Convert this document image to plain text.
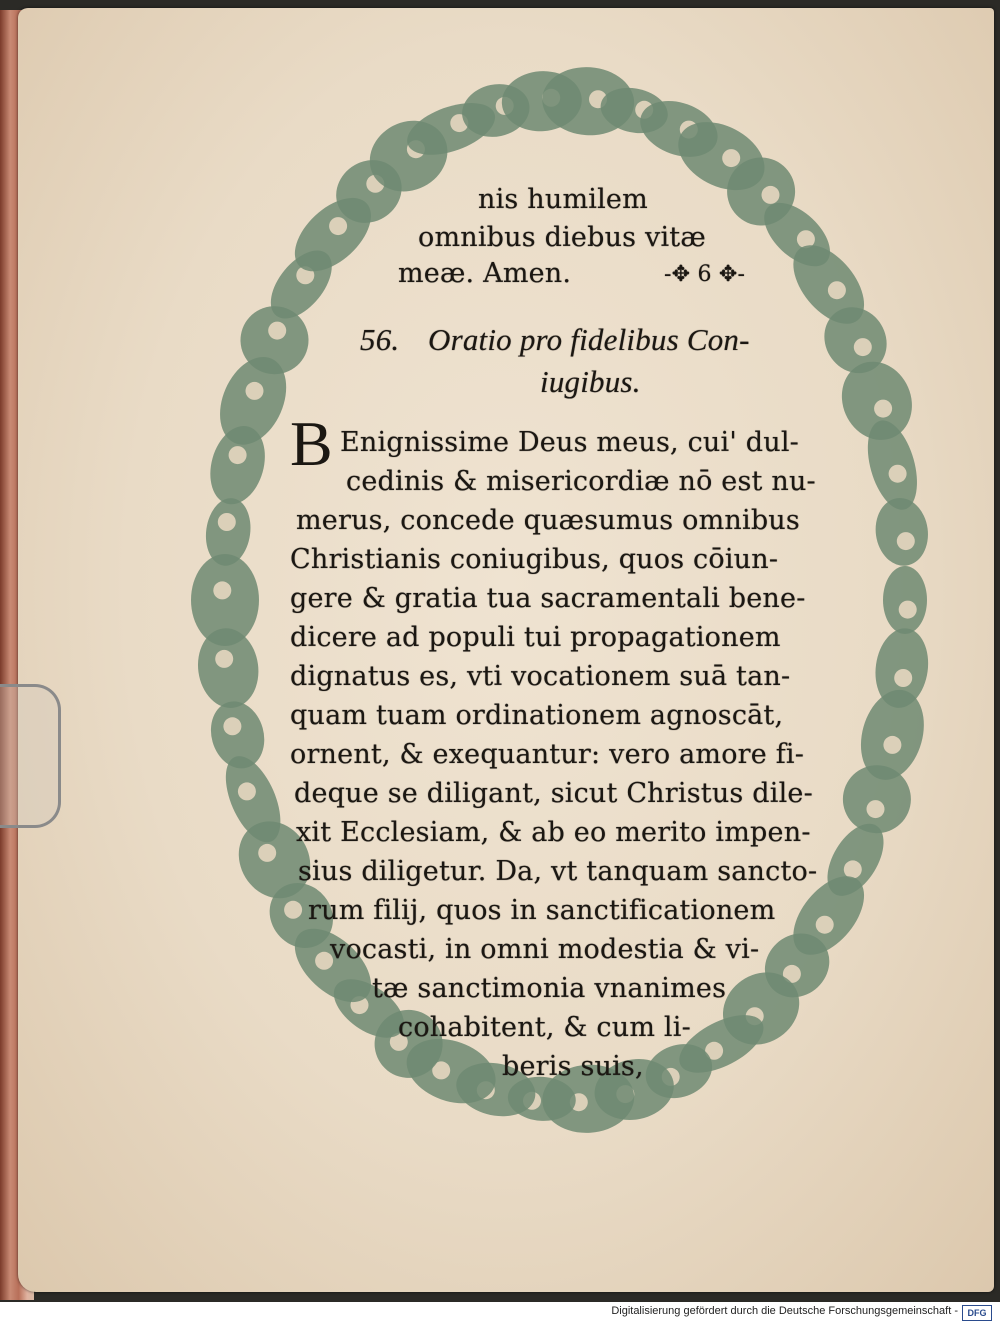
nis humilem
omnibus diebus vitæ
meæ. Amen.	-✥ 6 ✥-
56. Oratio pro fidelibus Con-
iugibus.
B Enignissime Deus meus, cui' dul-
cedinis & misericordiæ nō est nu-
merus, concede quæsumus omnibus
Christianis coniugibus, quos cōiun-
gere & gratia tua sacramentali bene-
dicere ad populi tui propagationem
dignatus es, vti vocationem suā tan-
quam tuam ordinationem agnoscāt,
ornent, & exequantur: vero amore fi-
deque se diligant, sicut Christus dile-
xit Ecclesiam, & ab eo merito impen-
sius diligetur. Da, vt tanquam sancto-
rum filij, quos in sanctificationem
vocasti, in omni modestia & vi-
tæ sanctimonia vnanimes
cohabitent, & cum li-
beris suis,
Digitalisierung gefördert durch die Deutsche Forschungsgemeinschaft -	DFG
